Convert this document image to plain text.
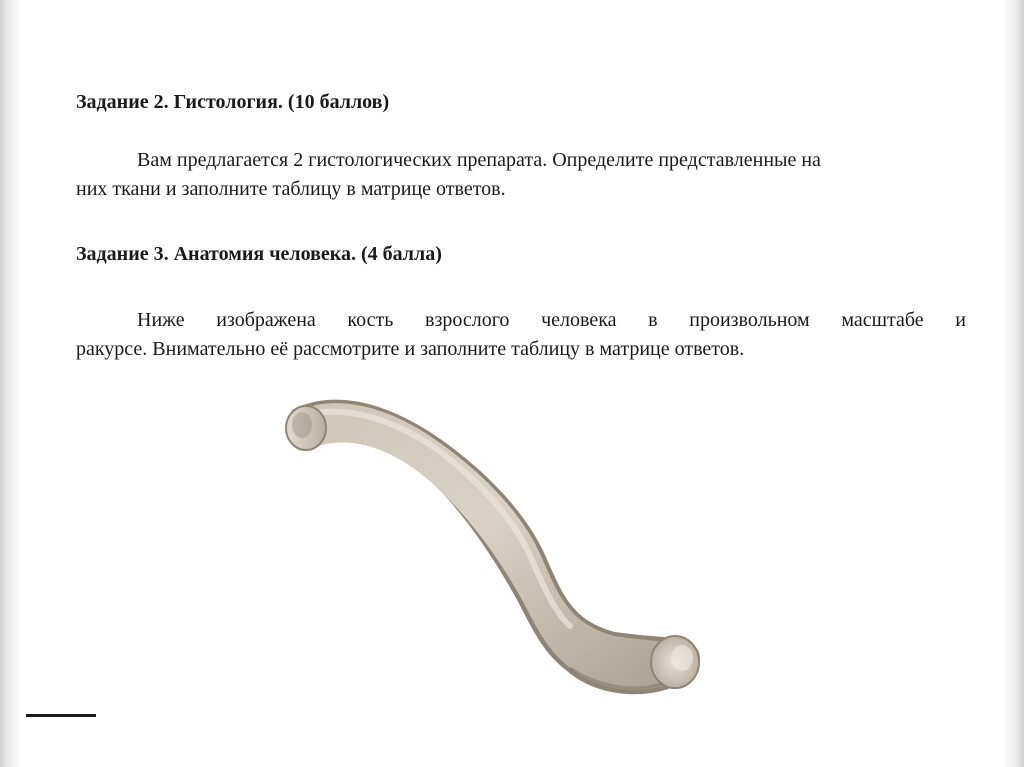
Задание 2. Гистология. (10 баллов)
Вам предлагается 2 гистологических препарата. Определите представленные на
них ткани и заполните таблицу в матрице ответов.
Задание 3. Анатомия человека. (4 балла)
Ниже изображена кость взрослого человека в произвольном масштабе и
ракурсе. Внимательно её рассмотрите и заполните таблицу в матрице ответов.
